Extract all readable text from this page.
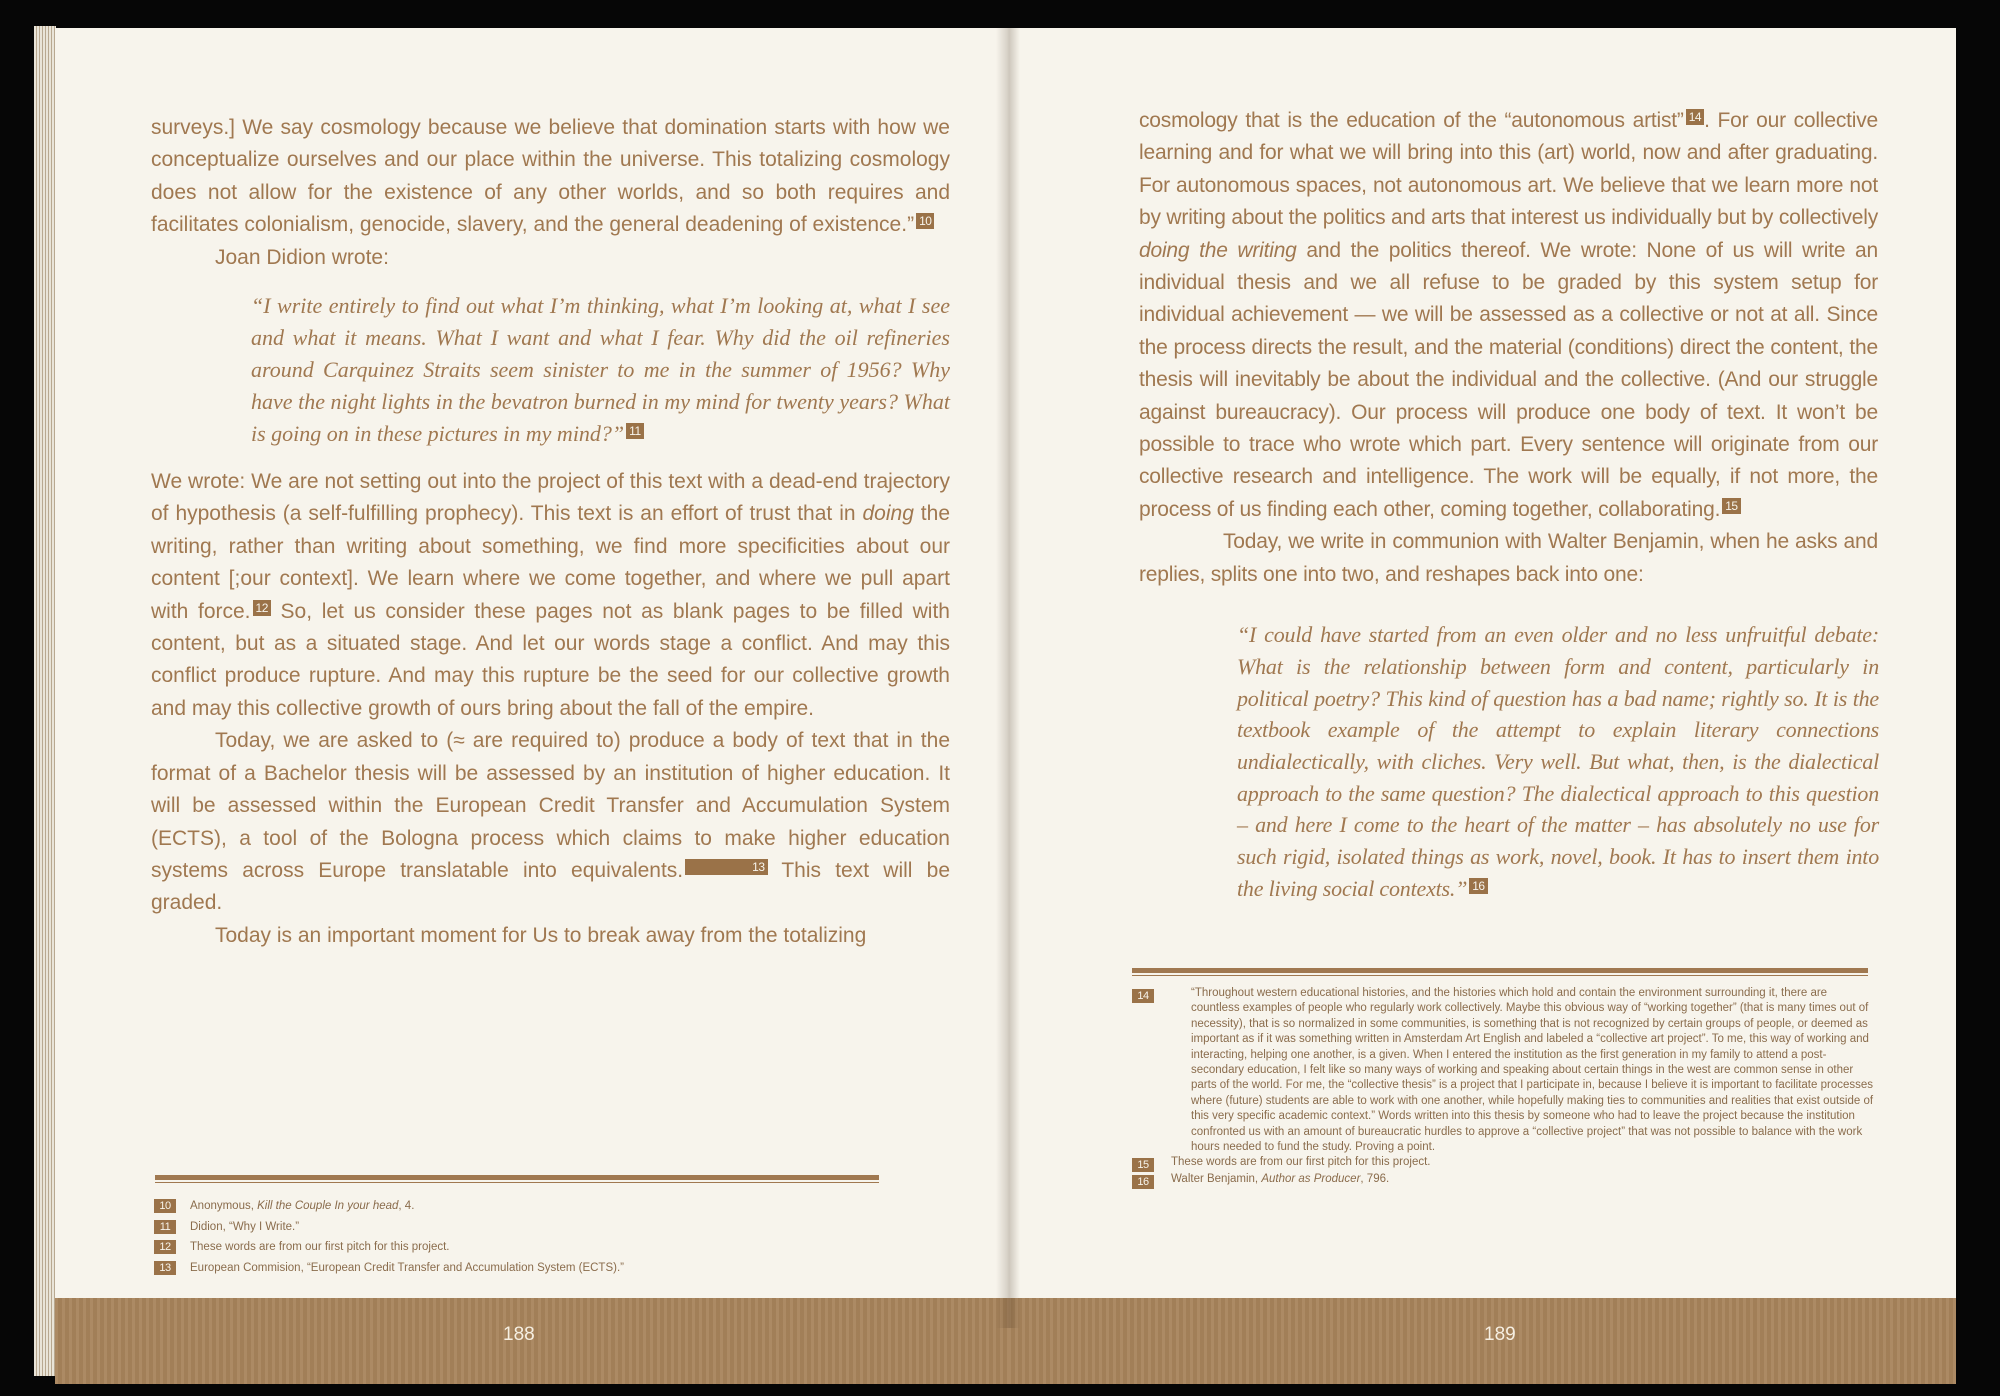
surveys.] We say cosmology because we believe that domination starts with how we conceptualize ourselves and our place within the universe. This totalizing cosmology does not allow for the existence of any other worlds, and so both requires and facilitates colonialism, genocide, slavery, and the general deadening of existence.” 10

Joan Didion wrote:

“I write entirely to find out what I’m thinking, what I’m looking at, what I see and what it means. What I want and what I fear. Why did the oil refineries around Carquinez Straits seem sinister to me in the summer of 1956? Why have the night lights in the bevatron burned in my mind for twenty years? What is going on in these pictures in my mind?” 11

We wrote: We are not setting out into the project of this text with a dead-end trajectory of hypothesis (a self-fulfilling prophecy). This text is an effort of trust that in doing the writing, rather than writing about something, we find more specificities about our content [;our context]. We learn where we come together, and where we pull apart with force. 12 So, let us consider these pages not as blank pages to be filled with content, but as a situated stage. And let our words stage a conflict. And may this conflict produce rupture. And may this rupture be the seed for our collective growth and may this collective growth of ours bring about the fall of the empire.

Today, we are asked to (≈ are required to) produce a body of text that in the format of a Bachelor thesis will be assessed by an institution of higher education. It will be assessed within the European Credit Transfer and Accumulation System (ECTS), a tool of the Bologna process which claims to make higher education systems across Europe translatable into equivalents.	13 This text will be graded.

Today is an important moment for Us to break away from the totalizing

10	Anonymous, Kill the Couple In your head, 4.
11	Didion, “Why I Write.”
12	These words are from our first pitch for this project.
13	European Commision, “European Credit Transfer and Accumulation System (ECTS).”
188

cosmology that is the education of the “autonomous artist” 14 . For our collective learning and for what we will bring into this (art) world, now and after graduating. For autonomous spaces, not autonomous art. We believe that we learn more not by writing about the politics and arts that interest us individually but by collectively doing the writing and the politics thereof. We wrote: None of us will write an individual thesis and we all refuse to be graded by this system setup for individual achievement — we will be assessed as a collective or not at all. Since the process directs the result, and the material (conditions) direct the content, the thesis will inevitably be about the individual and the collective. (And our struggle against bureaucracy). Our process will produce one body of text. It won’t be possible to trace who wrote which part. Every sentence will originate from our collective research and intelligence. The work will be equally, if not more, the process of us finding each other, coming together, collaborating. 15

Today, we write in communion with Walter Benjamin, when he asks and replies, splits one into two, and reshapes back into one:

“I could have started from an even older and no less unfruitful debate: What is the relationship between form and content, particularly in political poetry? This kind of question has a bad name; rightly so. It is the textbook example of the attempt to explain literary connections undialectically, with cliches. Very well. But what, then, is the dialectical approach to the same question? The dialectical approach to this question – and here I come to the heart of the matter – has absolutely no use for such rigid, isolated things as work, novel, book. It has to insert them into the living social contexts.” 16

14	“Throughout western educational histories, and the histories which hold and contain the environment surrounding it, there are countless examples of people who regularly work collectively. Maybe this obvious way of “working together” (that is many times out of necessity), that is so normalized in some communities, is something that is not recognized by certain groups of people, or deemed as important as if it was something written in Amsterdam Art English and labeled a “collective art project”. To me, this way of working and interacting, helping one another, is a given. When I entered the institution as the first generation in my family to attend a post-secondary education, I felt like so many ways of working and speaking about certain things in the west are common sense in other parts of the world. For me, the “collective thesis” is a project that I participate in, because I believe it is important to facilitate processes where (future) students are able to work with one another, while hopefully making ties to communities and realities that exist outside of this very specific academic context.” Words written into this thesis by someone who had to leave the project because the institution confronted us with an amount of bureaucratic hurdles to approve a “collective project” that was not possible to balance with the work hours needed to fund the study. Proving a point.
15	These words are from our first pitch for this project.
16	Walter Benjamin, Author as Producer, 796.
189
